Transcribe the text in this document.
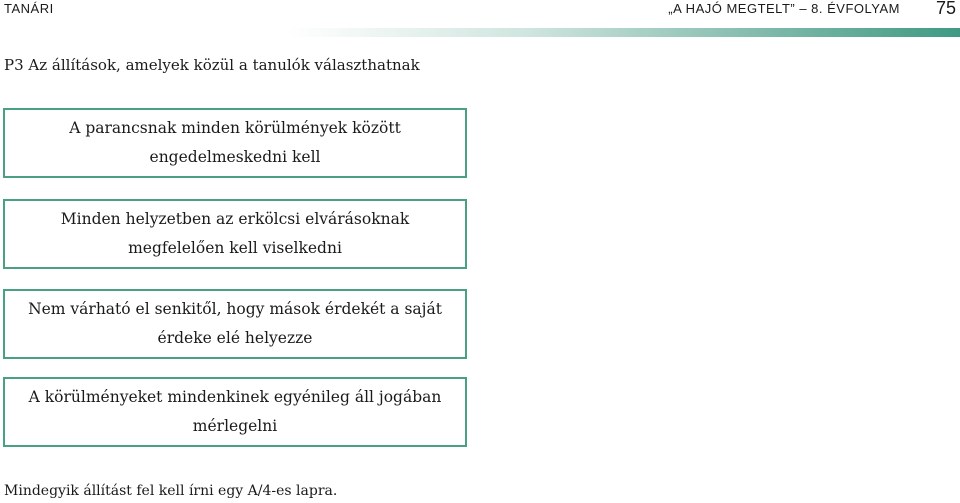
TANÁRI	„A HAJÓ MEGTELT” – 8. ÉVFOLYAM 75
P3 Az állítások, amelyek közül a tanulók választhatnak
A parancsnak minden körülmények között engedelmeskedni kell
Minden helyzetben az erkölcsi elvárásoknak megfelelően kell viselkedni
Nem várható el senkitől, hogy mások érdekét a saját érdeke elé helyezze
A körülményeket mindenkinek egyénileg áll jogában mérlegelni
Mindegyik állítást fel kell írni egy A/4-es lapra.
